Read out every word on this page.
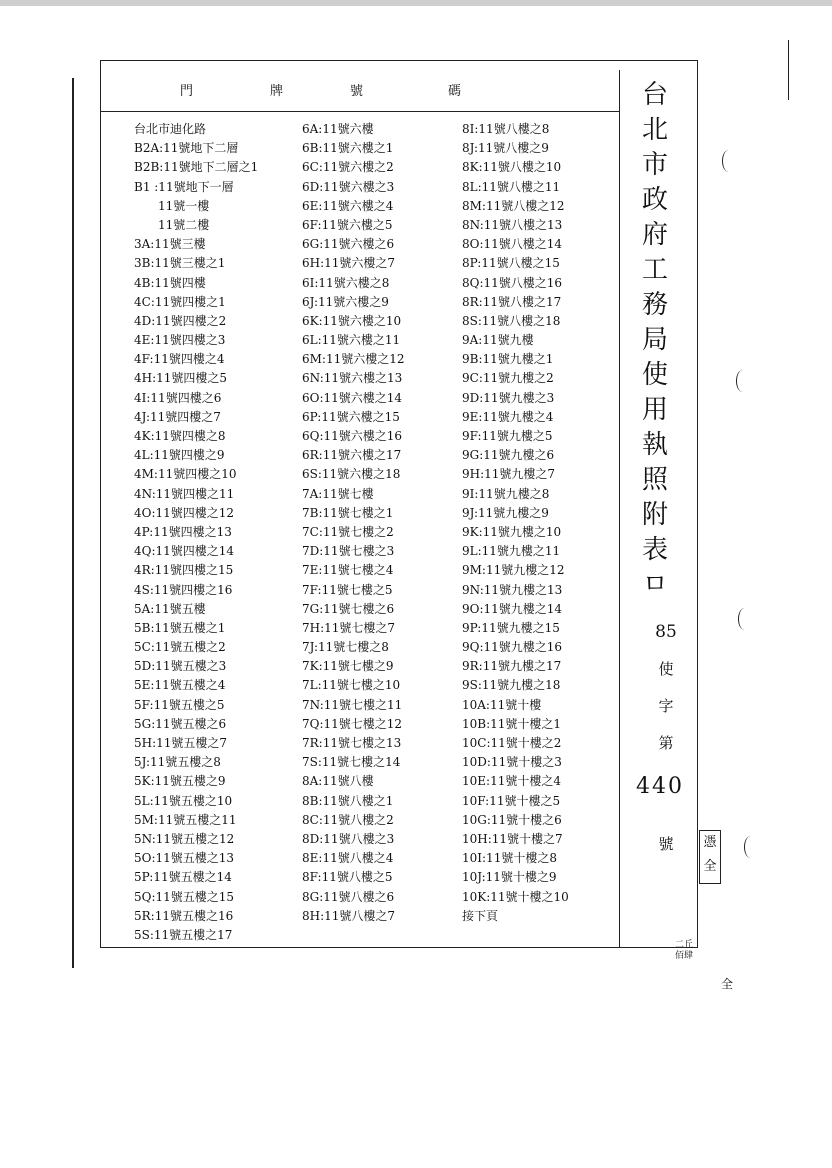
門	牌	號	碼
台北市迪化路
B2A:11號地下二層
B2B:11號地下二層之1
B1 :11號地下一層
　　11號一樓
　　11號二樓
3A:11號三樓
3B:11號三樓之1
4B:11號四樓
4C:11號四樓之1
4D:11號四樓之2
4E:11號四樓之3
4F:11號四樓之4
4H:11號四樓之5
4I:11號四樓之6
4J:11號四樓之7
4K:11號四樓之8
4L:11號四樓之9
4M:11號四樓之10
4N:11號四樓之11
4O:11號四樓之12
4P:11號四樓之13
4Q:11號四樓之14
4R:11號四樓之15
4S:11號四樓之16
5A:11號五樓
5B:11號五樓之1
5C:11號五樓之2
5D:11號五樓之3
5E:11號五樓之4
5F:11號五樓之5
5G:11號五樓之6
5H:11號五樓之7
5J:11號五樓之8
5K:11號五樓之9
5L:11號五樓之10
5M:11號五樓之11
5N:11號五樓之12
5O:11號五樓之13
5P:11號五樓之14
5Q:11號五樓之15
5R:11號五樓之16
5S:11號五樓之17
6A:11號六樓
6B:11號六樓之1
6C:11號六樓之2
6D:11號六樓之3
6E:11號六樓之4
6F:11號六樓之5
6G:11號六樓之6
6H:11號六樓之7
6I:11號六樓之8
6J:11號六樓之9
6K:11號六樓之10
6L:11號六樓之11
6M:11號六樓之12
6N:11號六樓之13
6O:11號六樓之14
6P:11號六樓之15
6Q:11號六樓之16
6R:11號六樓之17
6S:11號六樓之18
7A:11號七樓
7B:11號七樓之1
7C:11號七樓之2
7D:11號七樓之3
7E:11號七樓之4
7F:11號七樓之5
7G:11號七樓之6
7H:11號七樓之7
7J:11號七樓之8
7K:11號七樓之9
7L:11號七樓之10
7N:11號七樓之11
7Q:11號七樓之12
7R:11號七樓之13
7S:11號七樓之14
8A:11號八樓
8B:11號八樓之1
8C:11號八樓之2
8D:11號八樓之3
8E:11號八樓之4
8F:11號八樓之5
8G:11號八樓之6
8H:11號八樓之7
8I:11號八樓之8
8J:11號八樓之9
8K:11號八樓之10
8L:11號八樓之11
8M:11號八樓之12
8N:11號八樓之13
8O:11號八樓之14
8P:11號八樓之15
8Q:11號八樓之16
8R:11號八樓之17
8S:11號八樓之18
9A:11號九樓
9B:11號九樓之1
9C:11號九樓之2
9D:11號九樓之3
9E:11號九樓之4
9F:11號九樓之5
9G:11號九樓之6
9H:11號九樓之7
9I:11號九樓之8
9J:11號九樓之9
9K:11號九樓之10
9L:11號九樓之11
9M:11號九樓之12
9N:11號九樓之13
9O:11號九樓之14
9P:11號九樓之15
9Q:11號九樓之16
9R:11號九樓之17
9S:11號九樓之18
10A:11號十樓
10B:11號十樓之1
10C:11號十樓之2
10D:11號十樓之3
10E:11號十樓之4
10F:11號十樓之5
10G:11號十樓之6
10H:11號十樓之7
10I:11號十樓之8
10J:11號十樓之9
10K:11號十樓之10
接下頁
台
北
市
政
府
工
務
局
使
用
執
照
附
表
ㅁ
85
使
字
第
440
號	憑全
二丘佰肆
全
